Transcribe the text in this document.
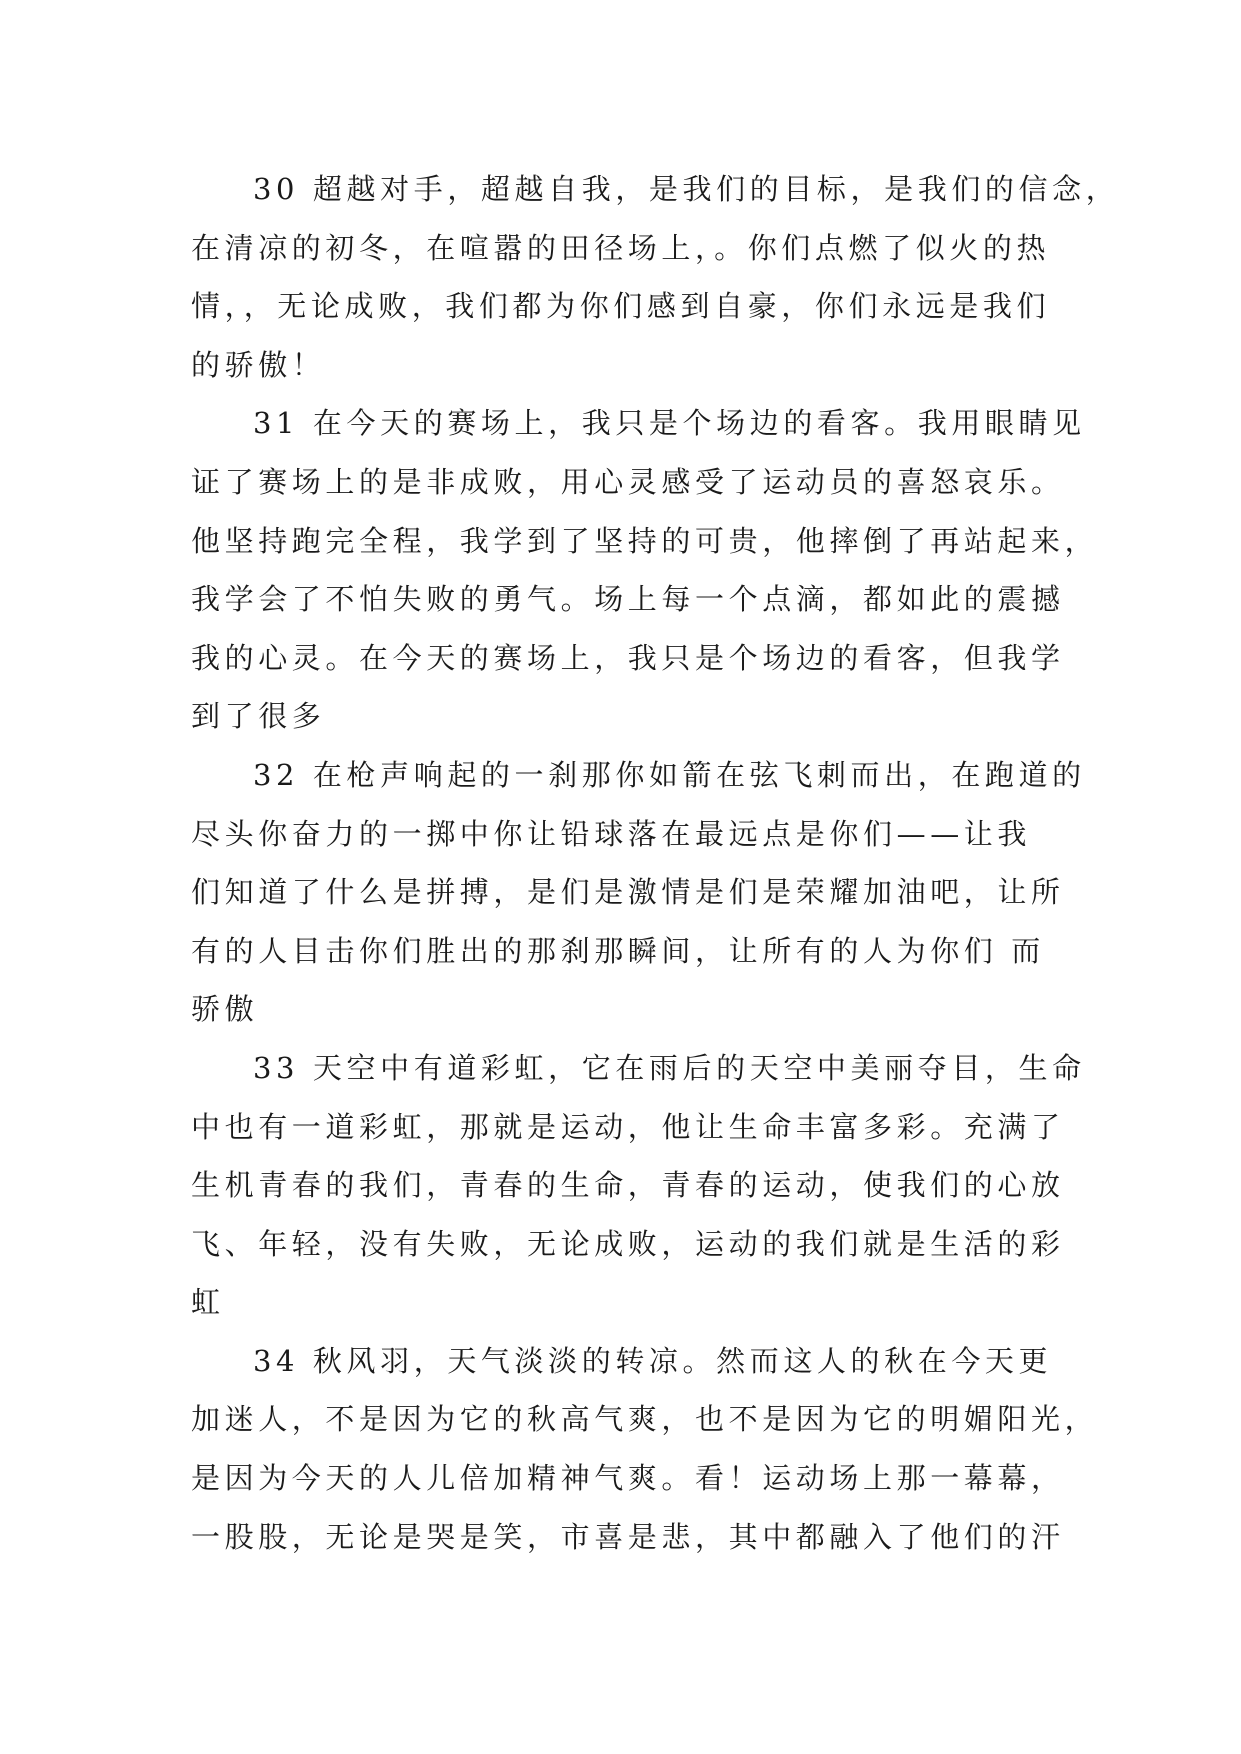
30 超越对手，超越自我，是我们的目标，是我们的信念，
在清凉的初冬，在喧嚣的田径场上，。你们点燃了似火的热
情，，无论成败，我们都为你们感到自豪，你们永远是我们
的骄傲！

31 在今天的赛场上，我只是个场边的看客。我用眼睛见
证了赛场上的是非成败，用心灵感受了运动员的喜怒哀乐。
他坚持跑完全程，我学到了坚持的可贵，他摔倒了再站起来，
我学会了不怕失败的勇气。场上每一个点滴，都如此的震撼
我的心灵。在今天的赛场上，我只是个场边的看客，但我学
到了很多

32 在枪声响起的一刹那你如箭在弦飞刺而出，在跑道的
尽头你奋力的一掷中你让铅球落在最远点是你们——让我
们知道了什么是拼搏，是们是激情是们是荣耀加油吧，让所
有的人目击你们胜出的那刹那瞬间，让所有的人为你们 而
骄傲

33 天空中有道彩虹，它在雨后的天空中美丽夺目，生命
中也有一道彩虹，那就是运动，他让生命丰富多彩。充满了
生机青春的我们，青春的生命，青春的运动，使我们的心放
飞、年轻，没有失败，无论成败，运动的我们就是生活的彩
虹

34 秋风羽，天气淡淡的转凉。然而这人的秋在今天更
加迷人，不是因为它的秋高气爽，也不是因为它的明媚阳光，
是因为今天的人儿倍加精神气爽。看！运动场上那一幕幕，
一股股，无论是哭是笑，市喜是悲，其中都融入了他们的汗
